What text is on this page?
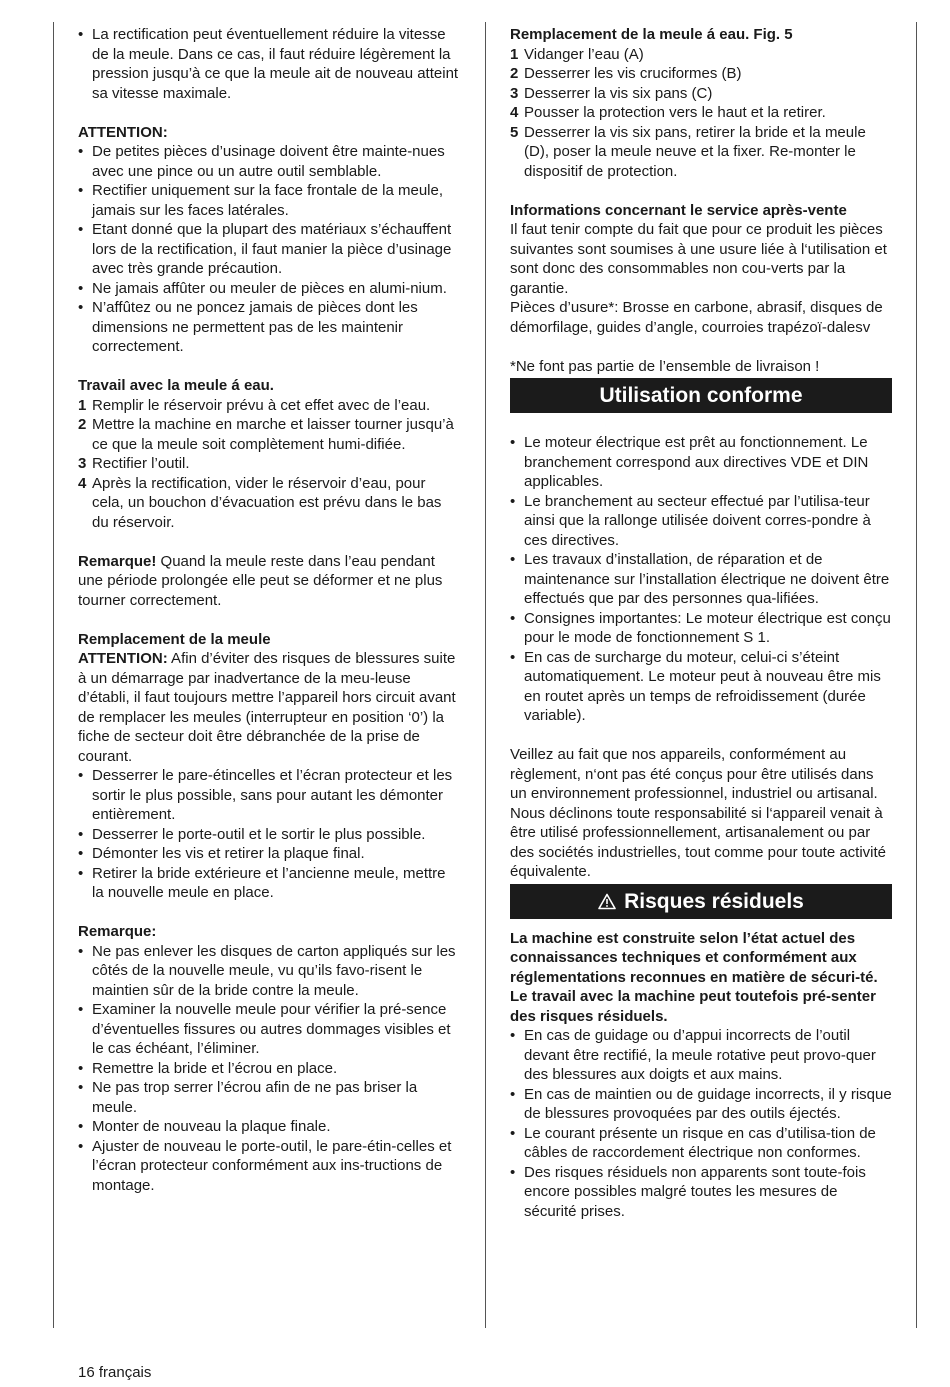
• La rectification peut éventuellement réduire la vitesse de la meule. Dans ce cas, il faut réduire légèrement la pression jusqu’à ce que la meule ait de nouveau atteint sa vitesse maximale.

ATTENTION:

• De petites pièces d’usinage doivent être mainte-nues avec une pince ou un autre outil semblable.
• Rectifier uniquement sur la face frontale de la meule, jamais sur les faces latérales.
• Etant donné que la plupart des matériaux s’échauffent lors de la rectification, il faut manier la pièce d’usinage avec très grande précaution.
• Ne jamais affûter ou meuler de pièces en alumi-nium.
• N’affûtez ou ne poncez jamais de pièces dont les dimensions ne permettent pas de les maintenir correctement.

Travail avec la meule á eau.

1 Remplir le réservoir prévu à cet effet avec de l’eau.
2 Mettre la machine en marche et laisser tourner jusqu’à ce que la meule soit complètement humi-difiée.
3 Rectifier l’outil.
4 Après la rectification, vider le réservoir d’eau, pour cela, un bouchon d’évacuation est prévu dans le bas du réservoir.

Remarque! Quand la meule reste dans l’eau pendant une période prolongée elle peut se déformer et ne plus tourner correctement.

Remplacement de la meule

ATTENTION: Afin d’éviter des risques de blessures suite à un démarrage par inadvertance de la meu-leuse d’établi, il faut toujours mettre l’appareil hors circuit avant de remplacer les meules (interrupteur en position ‘0’) la fiche de secteur doit être débranchée de la prise de courant.

• Desserrer le pare-étincelles et l’écran protecteur et les sortir le plus possible, sans pour autant les démonter entièrement.
• Desserrer le porte-outil et le sortir le plus possible.
• Démonter les vis et retirer la plaque final.
• Retirer la bride extérieure et l’ancienne meule, mettre la nouvelle meule en place.

Remarque:

• Ne pas enlever les disques de carton appliqués sur les côtés de la nouvelle meule, vu qu’ils favo-risent le maintien sûr de la bride contre la meule.
• Examiner la nouvelle meule pour vérifier la pré-sence d’éventuelles fissures ou autres dommages visibles et le cas échéant, l’éliminer.
• Remettre la bride et l’écrou en place.
• Ne pas trop serrer l’écrou afin de ne pas briser la meule.
• Monter de nouveau la plaque finale.
• Ajuster de nouveau le porte-outil, le pare-étin-celles et l’écran protecteur conformément aux ins-tructions de montage.

Remplacement de la meule á eau. Fig. 5

1 Vidanger l’eau (A)
2 Desserrer les vis cruciformes (B)
3 Desserrer la vis six pans (C)
4 Pousser la protection vers le haut et la retirer.
5 Desserrer la vis six pans, retirer la bride et la meule (D), poser la meule neuve et la fixer. Re-monter le dispositif de protection.

Informations concernant le service après-vente

Il faut tenir compte du fait que pour ce produit les pièces suivantes sont soumises à une usure liée à l‘utilisation et sont donc des consommables non cou-verts par la garantie.

Pièces d’usure*: Brosse en carbone, abrasif, disques de démorfilage, guides d’angle, courroies trapézoï-dalesv

*Ne font pas partie de l’ensemble de livraison !

Utilisation conforme
• Le moteur électrique est prêt au fonctionnement. Le branchement correspond aux directives VDE et DIN applicables.
• Le branchement au secteur effectué par l’utilisa-teur ainsi que la rallonge utilisée doivent corres-pondre à ces directives.
• Les travaux d’installation, de réparation et de maintenance sur l’installation électrique ne doivent être effectués que par des personnes qua-lifiées.
• Consignes importantes: Le moteur électrique est conçu pour le mode de fonctionnement S 1.
• En cas de surcharge du moteur, celui-ci s’éteint automatiquement. Le moteur peut à nouveau être mis en routet après un temps de refroidissement (durée variable).

Veillez au fait que nos appareils, conformément au règlement, n‘ont pas été conçus pour être utilisés dans un environnement professionnel, industriel ou artisanal. Nous déclinons toute responsabilité si l‘appareil venait à être utilisé professionnellement, artisanalement ou par des sociétés industrielles, tout comme pour toute activité équivalente.

Risques résiduels

La machine est construite selon l’état actuel des connaissances techniques et conformément aux réglementations reconnues en matière de sécuri-té. Le travail avec la machine peut toutefois pré-senter des risques résiduels.

• En cas de guidage ou d’appui incorrects de l’outil devant être rectifié, la meule rotative peut provo-quer des blessures aux doigts et aux mains.
• En cas de maintien ou de guidage incorrects, il y risque de blessures provoquées par des outils éjectés.
• Le courant présente un risque en cas d’utilisa-tion de câbles de raccordement électrique non conformes.
• Des risques résiduels non apparents sont toute-fois encore possibles malgré toutes les mesures de sécurité prises.
16 français
